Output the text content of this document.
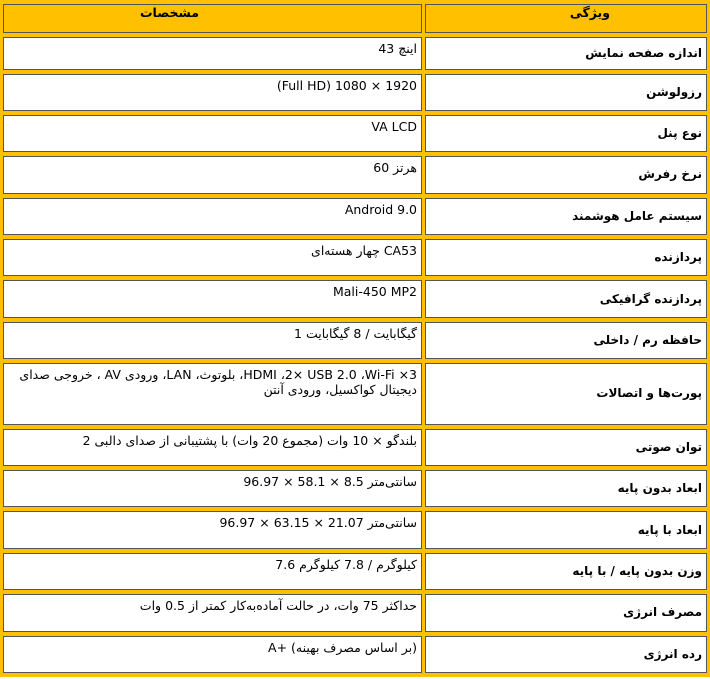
ویژگی	مشخصات
اندازه صفحه نمایش	اینچ 43
رزولوشن	1920 × 1080 (Full HD)
نوع پنل	VA LCD
نرخ رفرش	هرتز 60
سیستم عامل هوشمند	Android 9.0
پردازنده	CA53 چهار هسته‌ای
پردازنده گرافیکی	Mali-450 MP2
حافظه رم / داخلی	گیگابایت / 8 گیگابایت 1
پورت‌ها و اتصالات	3× HDMI ،2× USB 2.0 ،Wi-Fi، بلوتوث، LAN، ورودی AV ، خروجی صدای دیجیتال کواکسیل، ورودی آنتن
توان صوتی	بلندگو × 10 وات (مجموع 20 وات) با پشتیبانی از صدای دالبی 2
ابعاد بدون پایه	سانتی‌متر 8.5 × 58.1 × 96.97
ابعاد با پایه	سانتی‌متر 21.07 × 63.15 × 96.97
وزن بدون پایه / با پایه	کیلوگرم / 7.8 کیلوگرم 7.6
مصرف انرژی	حداکثر 75 وات، در حالت آماده‌به‌کار کمتر از 0.5 وات
رده انرژی	(بر اساس مصرف بهینه) +A
